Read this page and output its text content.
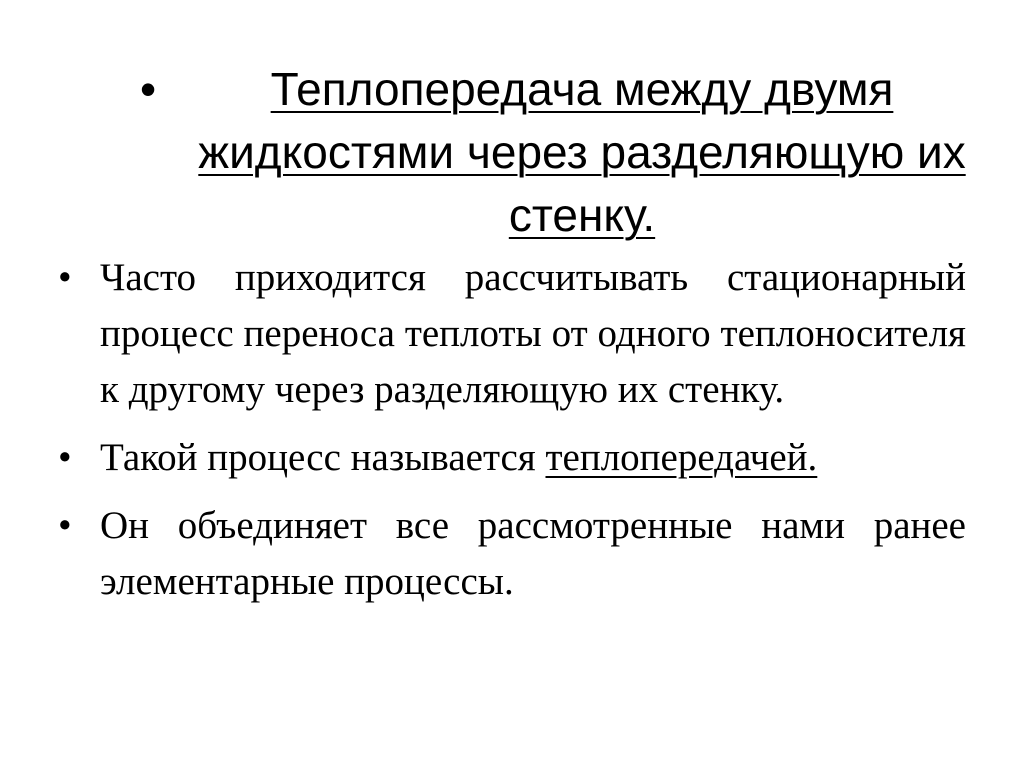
•	Теплопередача между двумя жидкостями через разделяющую их стенку.
• Часто приходится рассчитывать стационарный процесс переноса теплоты от одного теплоносителя к другому через разделяющую их стенку.
• Такой процесс называется теплопередачей.
• Он объединяет все рассмотренные нами ранее элементарные процессы.
